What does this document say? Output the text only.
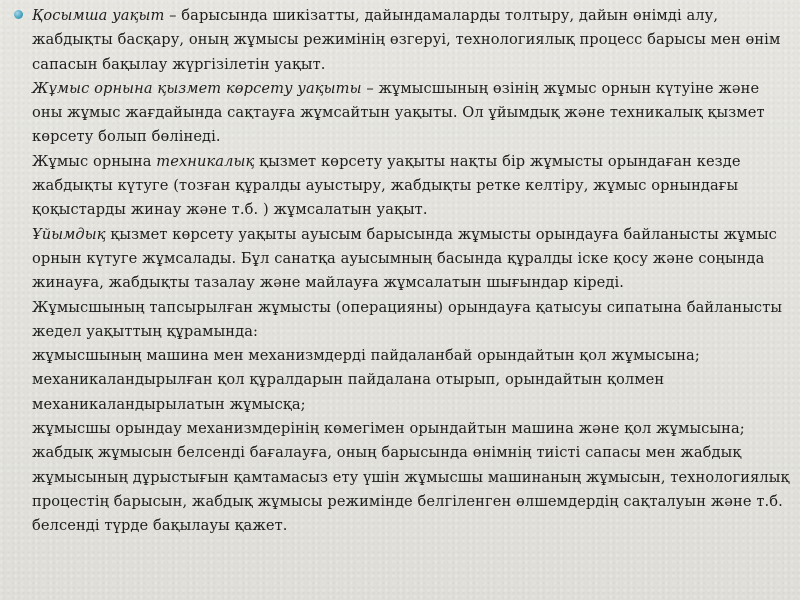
Қосымша уақыт – барысында шикізатты, дайындамаларды толтыру, дайын өнімді алу, жабдықты басқару, оның жұмысы режимінің өзгеруі, технологиялық процесс барысы мен өнім сапасын бақылау жүргізілетін уақыт.

Жұмыс орнына қызмет көрсету уақыты – жұмысшының өзінің жұмыс орнын күтуіне және оны жұмыс жағдайында сақтауға жұмсайтын уақыты. Ол ұйымдық және техникалық қызмет көрсету болып бөлінеді.

Жұмыс орнына техникалық қызмет көрсету уақыты нақты бір жұмысты орындаған кезде жабдықты күтуге (тозған құралды ауыстыру, жабдықты ретке келтіру, жұмыс орнындағы қоқыстарды жинау және т.б. ) жұмсалатын уақыт.

Ұйымдық қызмет көрсету уақыты ауысым барысында жұмысты орындауға байланысты жұмыс орнын күтуге жұмсалады. Бұл санатқа ауысымның басында құралды іске қосу және соңында жинауға, жабдықты тазалау және майлауға жұмсалатын шығындар кіреді.

Жұмысшының тапсырылған жұмысты (операцияны) орындауға қатысуы сипатына байланысты жедел уақыттың құрамында:

жұмысшының машина мен механизмдерді пайдаланбай орындайтын қол жұмысына; механикаландырылған қол құралдарын пайдалана отырып, орындайтын қолмен механикаландырылатын жұмысқа;

жұмысшы орындау механизмдерінің көмегімен орындайтын машина және қол жұмысына;

жабдық жұмысын белсенді бағалауға, оның барысында өнімнің тиісті сапасы мен жабдық жұмысының дұрыстығын қамтамасыз ету үшін жұмысшы машинаның жұмысын, технологиялық процестің барысын, жабдық жұмысы режимінде белгіленген өлшемдердің сақталуын және т.б. белсенді түрде бақылауы қажет.
